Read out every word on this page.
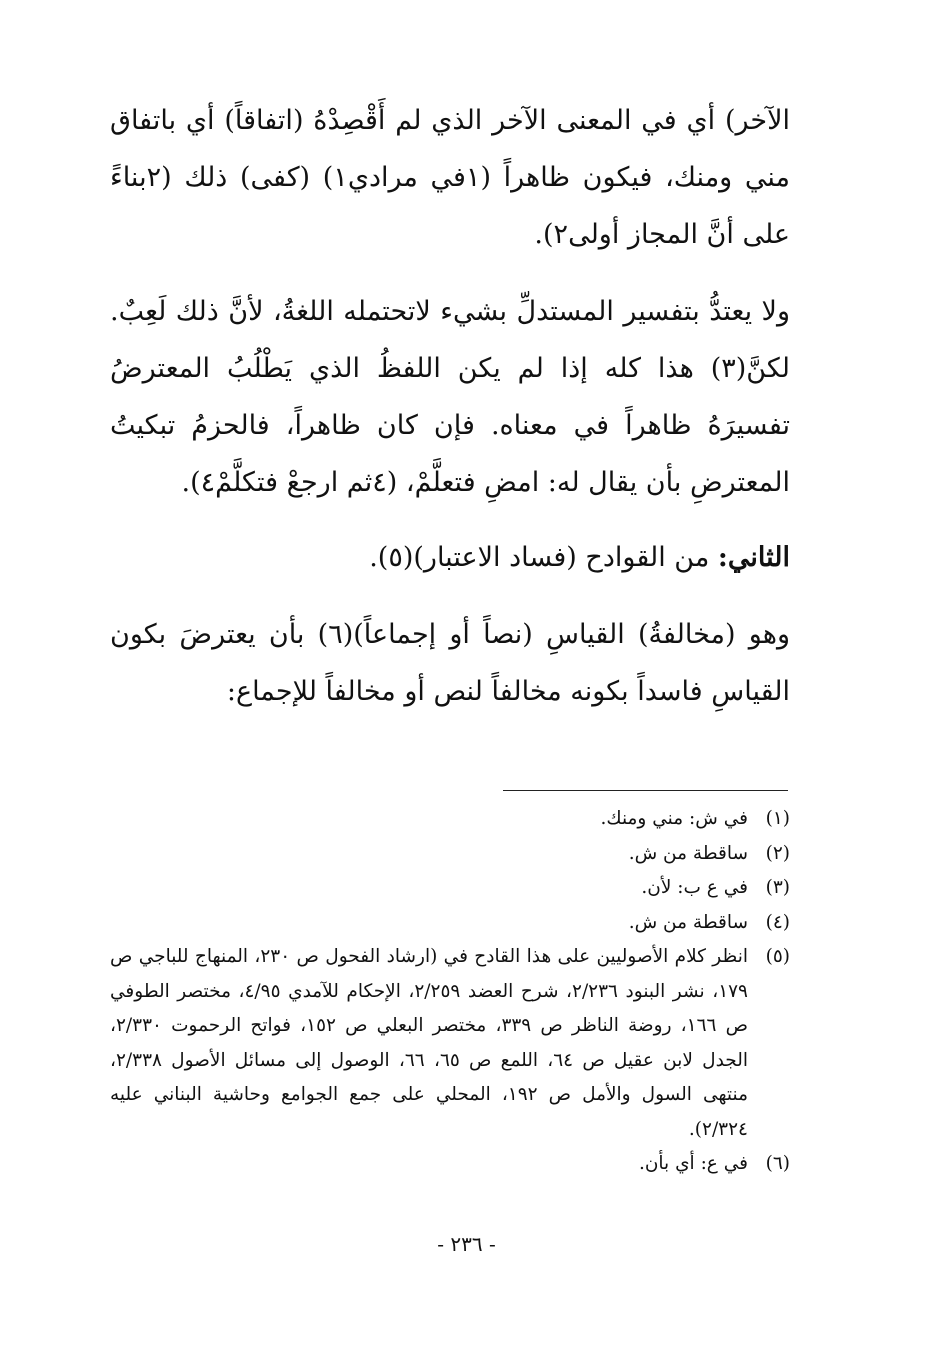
الآخر) أي في المعنى الآخر الذي لم أَقْصِدْهُ (اتفاقاً) أي باتفاق مني ومنك، فيكون ظاهراً (١في مرادي١) (كفى) ذلك (٢بناءً على أنَّ المجاز أولى٢).

ولا يعتدُّ بتفسير المستدلِّ بشيء لاتحتمله اللغةُ، لأنَّ ذلك لَعِبٌ. لكنَّ(٣) هذا كله إذا لم يكن اللفظُ الذي يَطْلُبُ المعترضُ تفسيرَهُ ظاهراً في معناه. فإن كان ظاهراً، فالحزمُ تبكيتُ المعترضِ بأن يقال له: امضِ فتعلَّمْ، (٤ثم ارجعْ فتكلَّمْ٤).

الثاني: من القوادح (فساد الاعتبار)(٥).

وهو (مخالفةُ) القياسِ (نصاً أو إجماعاً)(٦) بأن يعترضَ بكون القياسِ فاسداً بكونه مخالفاً لنص أو مخالفاً للإجماع:

(١)
في ش: مني ومنك.
(٢)
ساقطة من ش.
(٣)
في ع ب: لأن.
(٤)
ساقطة من ش.
(٥)
انظر كلام الأصوليين على هذا القادح في (ارشاد الفحول ص ٢٣٠، المنهاج للباجي ص ١٧٩، نشر البنود ٢/٢٣٦، شرح العضد ٢/٢٥٩، الإحكام للآمدي ٤/٩٥، مختصر الطوفي ص ١٦٦، روضة الناظر ص ٣٣٩، مختصر البعلي ص ١٥٢، فواتح الرحموت ٢/٣٣٠، الجدل لابن عقيل ص ٦٤، اللمع ص ٦٥، ٦٦، الوصول إلى مسائل الأصول ٢/٣٣٨، منتهى السول والأمل ص ١٩٢، المحلي على جمع الجوامع وحاشية البناني عليه ٢/٣٢٤).
(٦)
في ع: أي بأن.
- ٢٣٦ -
